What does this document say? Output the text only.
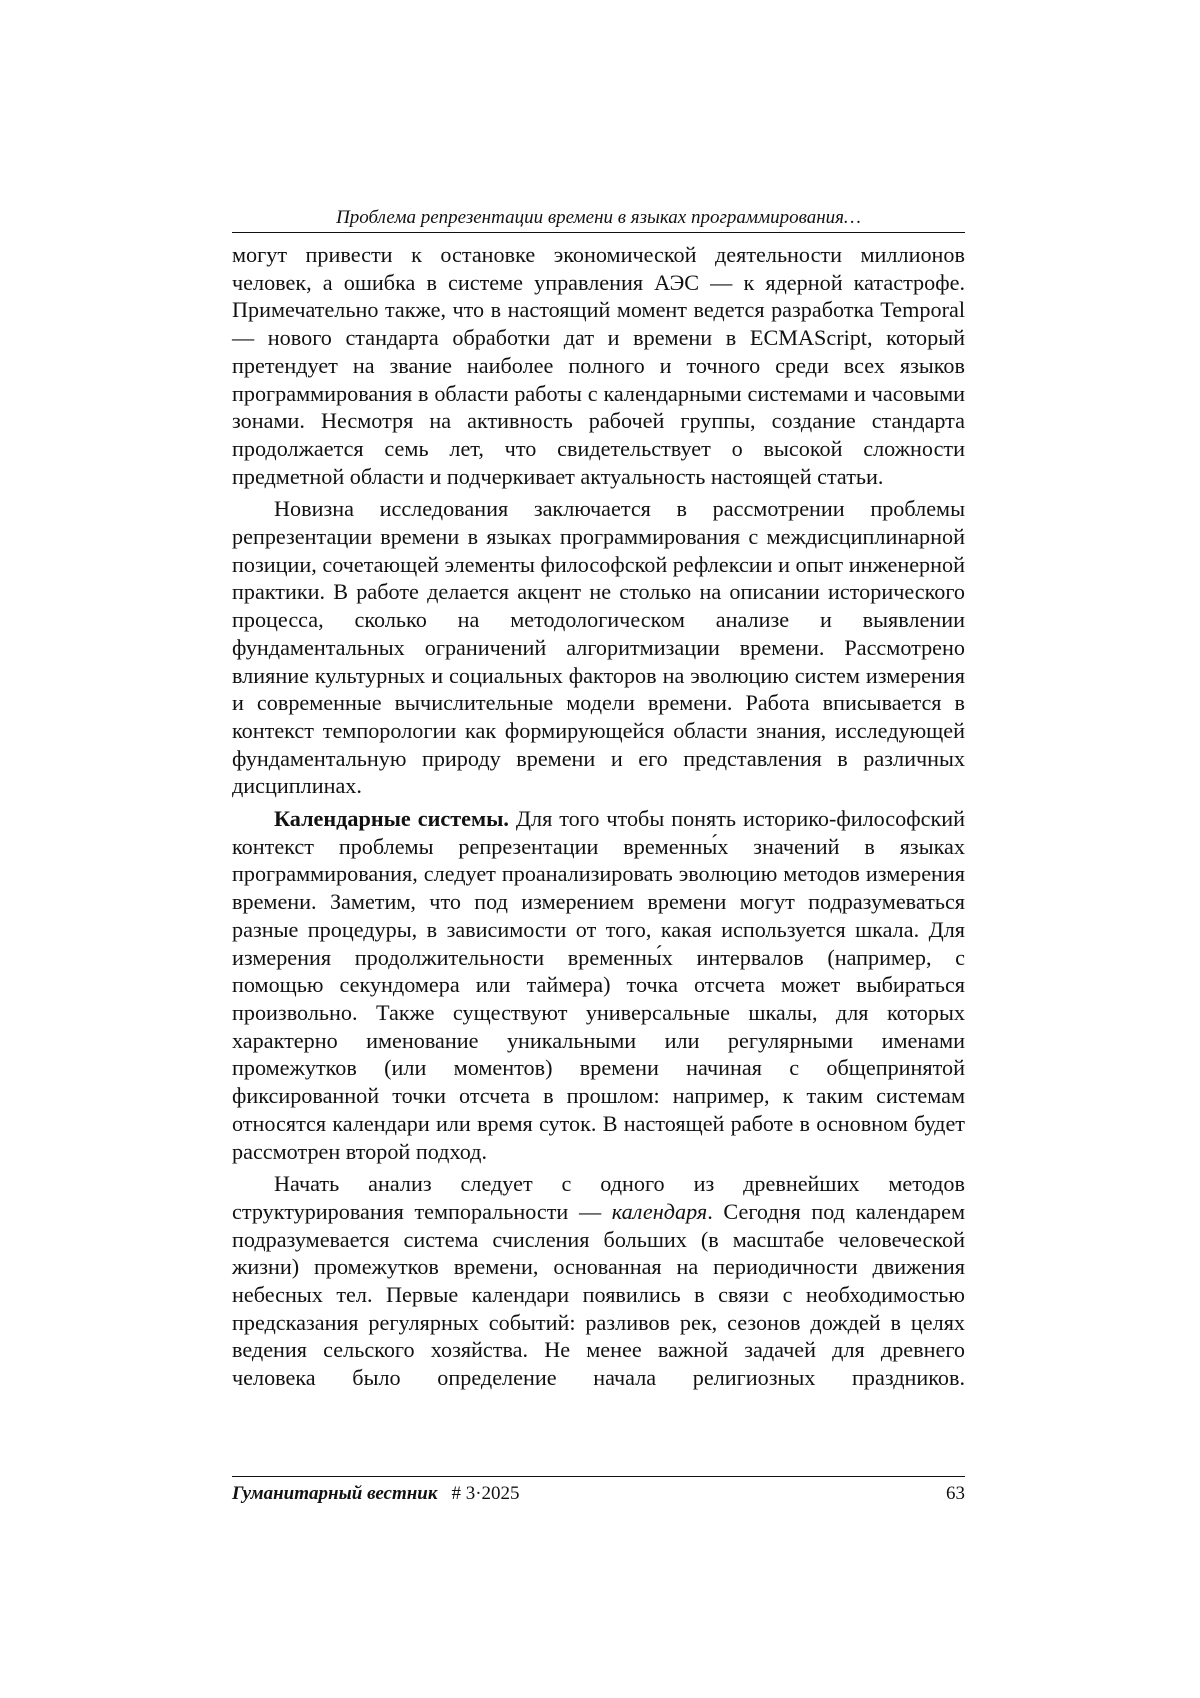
Проблема репрезентации времени в языках программирования…

могут привести к остановке экономической деятельности миллионов человек, а ошибка в системе управления АЭС — к ядерной катастрофе. Примечательно также, что в настоящий момент ведется разработка Temporal — нового стандарта обработки дат и времени в ECMAScript, который претендует на звание наиболее полного и точного среди всех языков программирования в области работы с календарными системами и часовыми зонами. Несмотря на активность рабочей группы, создание стандарта продолжается семь лет, что свидетельствует о высокой сложности предметной области и подчеркивает актуальность настоящей статьи.

Новизна исследования заключается в рассмотрении проблемы репрезентации времени в языках программирования с междисциплинарной позиции, сочетающей элементы философской рефлексии и опыт инженерной практики. В работе делается акцент не столько на описании исторического процесса, сколько на методологическом анализе и выявлении фундаментальных ограничений алгоритмизации времени. Рассмотрено влияние культурных и социальных факторов на эволюцию систем измерения и современные вычислительные модели времени. Работа вписывается в контекст темпорологии как формирующейся области знания, исследующей фундаментальную природу времени и его представления в различных дисциплинах.

Календарные системы. Для того чтобы понять историко-философский контекст проблемы репрезентации временны́х значений в языках программирования, следует проанализировать эволюцию методов измерения времени. Заметим, что под измерением времени могут подразумеваться разные процедуры, в зависимости от того, какая используется шкала. Для измерения продолжительности временны́х интервалов (например, с помощью секундомера или таймера) точка отсчета может выбираться произвольно. Также существуют универсальные шкалы, для которых характерно именование уникальными или регулярными именами промежутков (или моментов) времени начиная с общепринятой фиксированной точки отсчета в прошлом: например, к таким системам относятся календари или время суток. В настоящей работе в основном будет рассмотрен второй подход.

Начать анализ следует с одного из древнейших методов структурирования темпоральности — календаря. Сегодня под календарем подразумевается система счисления больших (в масштабе человеческой жизни) промежутков времени, основанная на периодичности движения небесных тел. Первые календари появились в связи с необходимостью предсказания регулярных событий: разливов рек, сезонов дождей в целях ведения сельского хозяйства. Не менее важной задачей для древнего человека было определение начала религиозных праздников.

Гуманитарный вестник # 3·2025	63
